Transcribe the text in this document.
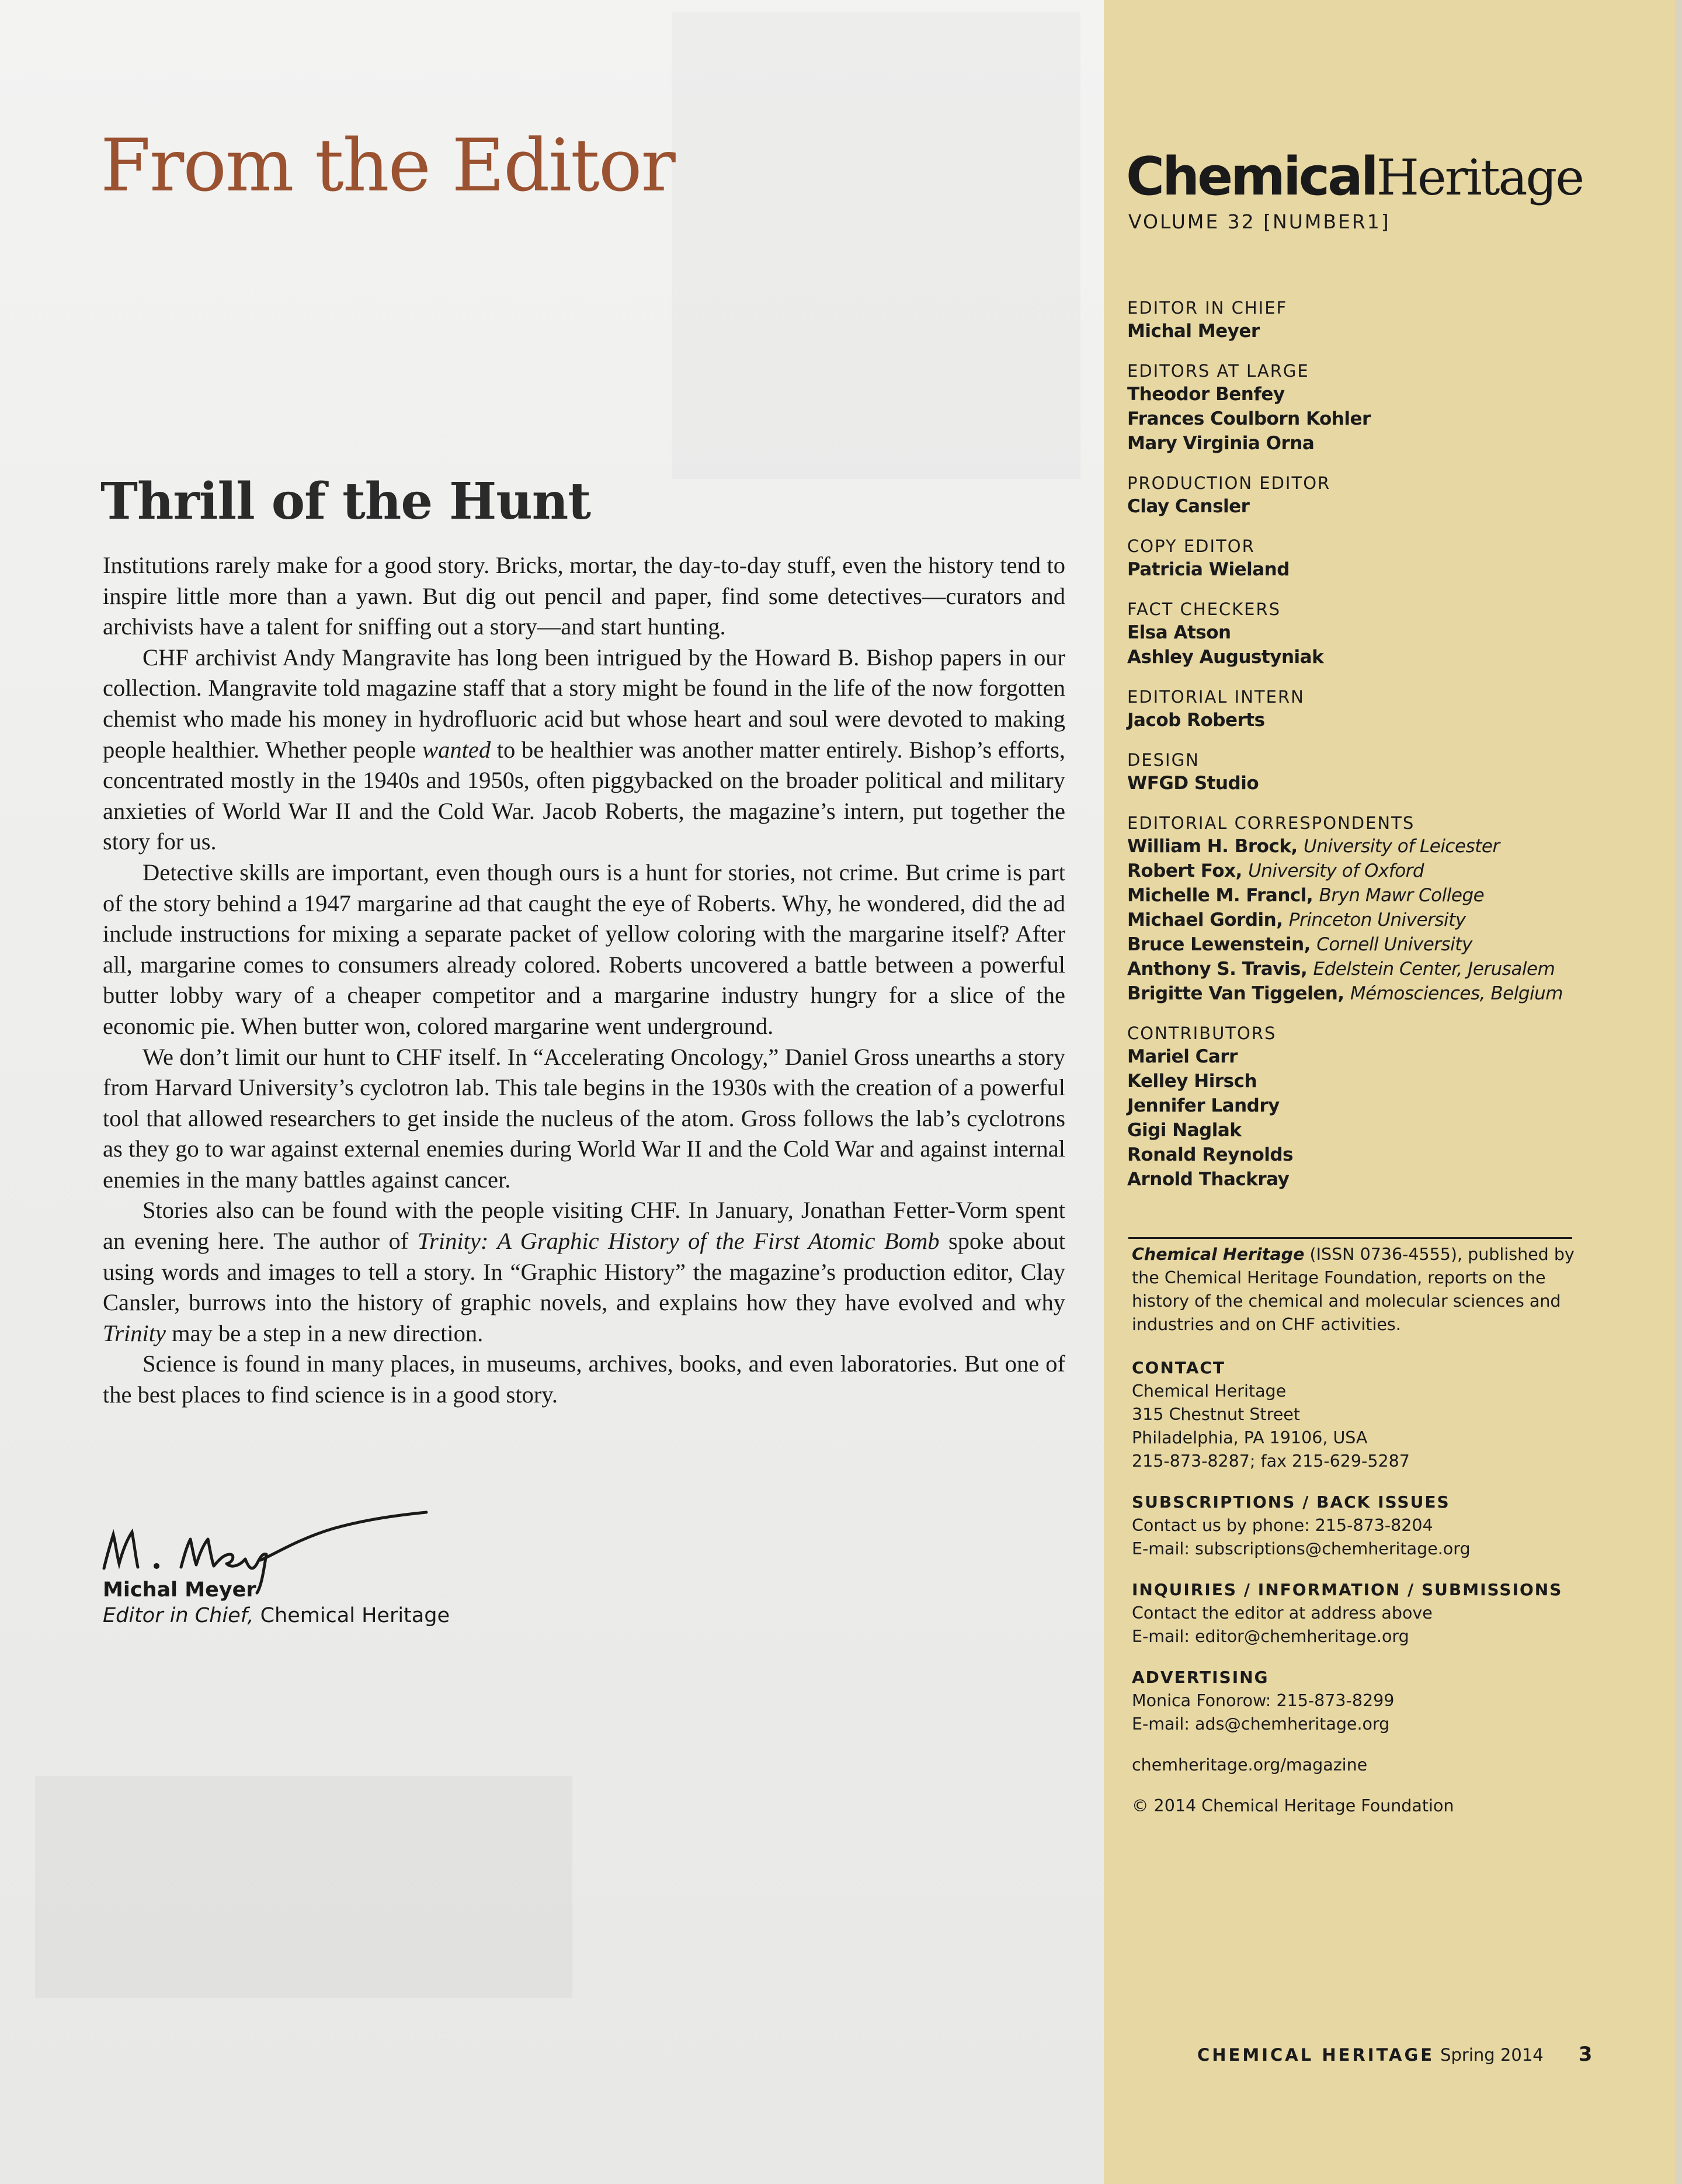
From the Editor
Thrill of the Hunt

Institutions rarely make for a good story. Bricks, mortar, the day-to-day stuff, even the history tend to inspire little more than a yawn. But dig out pencil and paper, find some detectives—curators and archivists have a talent for sniffing out a story—and start hunting.

CHF archivist Andy Mangravite has long been intrigued by the Howard B. Bishop papers in our collection. Mangravite told magazine staff that a story might be found in the life of the now forgotten chemist who made his money in hydrofluoric acid but whose heart and soul were devoted to making people healthier. Whether people wanted to be healthier was another matter entirely. Bishop’s efforts, concentrated mostly in the 1940s and 1950s, often piggybacked on the broader political and military anxieties of World War II and the Cold War. Jacob Roberts, the magazine’s intern, put together the story for us.

Detective skills are important, even though ours is a hunt for stories, not crime. But crime is part of the story behind a 1947 margarine ad that caught the eye of Roberts. Why, he wondered, did the ad include instructions for mixing a separate packet of yellow coloring with the margarine itself? After all, margarine comes to consumers already colored. Roberts uncovered a battle between a powerful butter lobby wary of a cheaper competitor and a margarine industry hungry for a slice of the economic pie. When butter won, colored margarine went underground.

We don’t limit our hunt to CHF itself. In “Accelerating Oncology,” Daniel Gross unearths a story from Harvard University’s cyclotron lab. This tale begins in the 1930s with the creation of a powerful tool that allowed researchers to get inside the nucleus of the atom. Gross follows the lab’s cyclotrons as they go to war against external enemies during World War II and the Cold War and against internal enemies in the many battles against cancer.

Stories also can be found with the people visiting CHF. In January, Jonathan Fetter-Vorm spent an evening here. The author of Trinity: A Graphic History of the First Atomic Bomb spoke about using words and images to tell a story. In “Graphic History” the magazine’s production editor, Clay Cansler, burrows into the history of graphic novels, and explains how they have evolved and why Trinity may be a step in a new direction.

Science is found in many places, in museums, archives, books, and even laboratories. But one of the best places to find science is in a good story.

Michal Meyer
Editor in Chief, Chemical Heritage
ChemicalHeritage
VOLUME 32 [NUMBER1]
EDITOR IN CHIEF
Michal Meyer
EDITORS AT LARGE
Theodor Benfey
Frances Coulborn Kohler
Mary Virginia Orna
PRODUCTION EDITOR
Clay Cansler
COPY EDITOR
Patricia Wieland
FACT CHECKERS
Elsa Atson
Ashley Augustyniak
EDITORIAL INTERN
Jacob Roberts
DESIGN
WFGD Studio
EDITORIAL CORRESPONDENTS
William H. Brock, University of Leicester
Robert Fox, University of Oxford
Michelle M. Francl, Bryn Mawr College
Michael Gordin, Princeton University
Bruce Lewenstein, Cornell University
Anthony S. Travis, Edelstein Center, Jerusalem
Brigitte Van Tiggelen, Mémosciences, Belgium
CONTRIBUTORS
Mariel Carr
Kelley Hirsch
Jennifer Landry
Gigi Naglak
Ronald Reynolds
Arnold Thackray
Chemical Heritage (ISSN 0736-4555), published by
the Chemical Heritage Foundation, reports on the
history of the chemical and molecular sciences and
industries and on CHF activities.
CONTACT
Chemical Heritage
315 Chestnut Street
Philadelphia, PA 19106, USA
215-873-8287; fax 215-629-5287
SUBSCRIPTIONS / BACK ISSUES
Contact us by phone: 215-873-8204
E-mail: subscriptions@chemheritage.org
INQUIRIES / INFORMATION / SUBMISSIONS
Contact the editor at address above
E-mail: editor@chemheritage.org
ADVERTISING
Monica Fonorow: 215-873-8299
E-mail: ads@chemheritage.org
chemheritage.org/magazine
© 2014 Chemical Heritage Foundation
CHEMICAL HERITAGE Spring 2014 3
